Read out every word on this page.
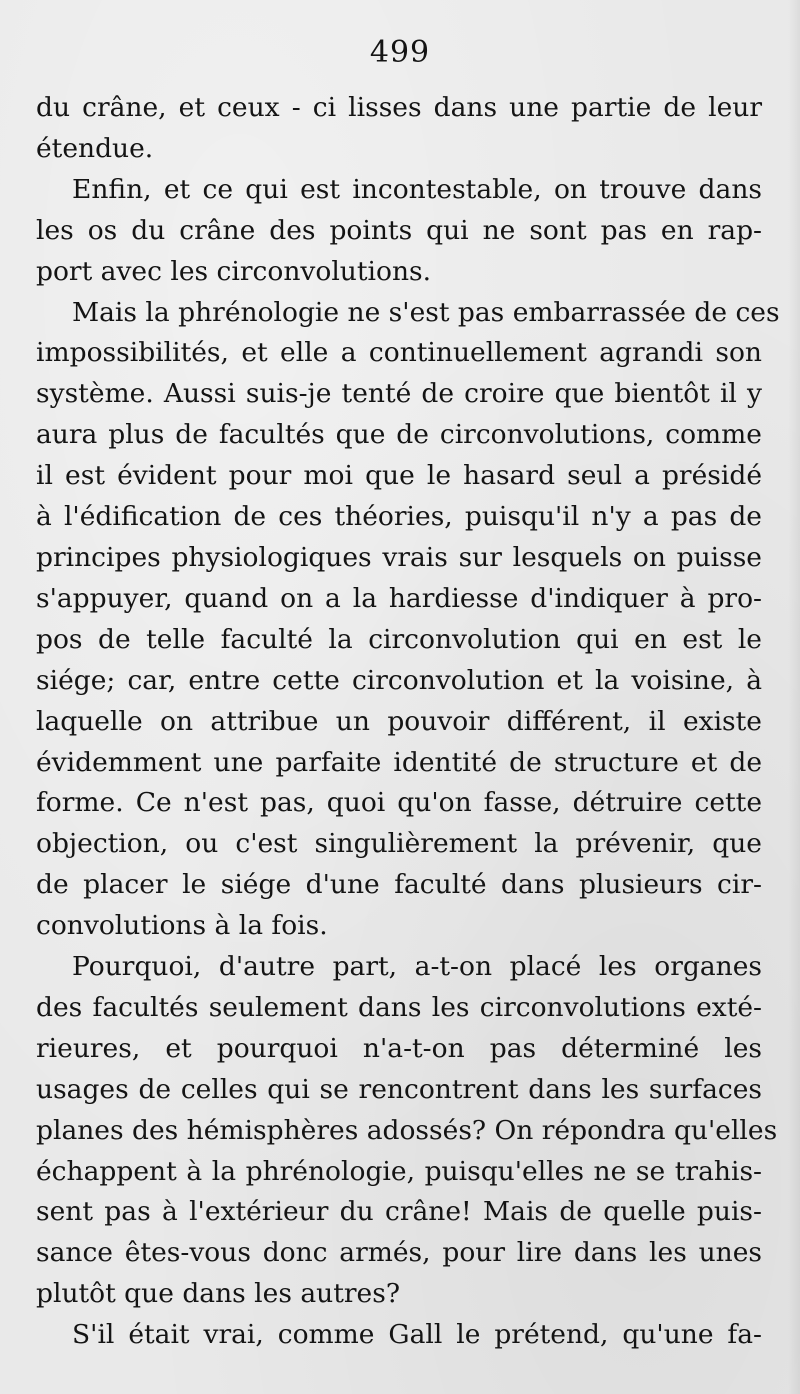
499

du crâne, et ceux - ci lisses dans une partie de leur
étendue.

Enfin, et ce qui est incontestable, on trouve dans
les os du crâne des points qui ne sont pas en rap-
port avec les circonvolutions.

Mais la phrénologie ne s'est pas embarrassée de ces
impossibilités, et elle a continuellement agrandi son
système. Aussi suis-je tenté de croire que bientôt il y
aura plus de facultés que de circonvolutions, comme
il est évident pour moi que le hasard seul a présidé
à l'édification de ces théories, puisqu'il n'y a pas de
principes physiologiques vrais sur lesquels on puisse
s'appuyer, quand on a la hardiesse d'indiquer à pro-
pos de telle faculté la circonvolution qui en est le
siége; car, entre cette circonvolution et la voisine, à
laquelle on attribue un pouvoir différent, il existe
évidemment une parfaite identité de structure et de
forme. Ce n'est pas, quoi qu'on fasse, détruire cette
objection, ou c'est singulièrement la prévenir, que
de placer le siége d'une faculté dans plusieurs cir-
convolutions à la fois.

Pourquoi, d'autre part, a-t-on placé les organes
des facultés seulement dans les circonvolutions exté-
rieures, et pourquoi n'a-t-on pas déterminé les
usages de celles qui se rencontrent dans les surfaces
planes des hémisphères adossés? On répondra qu'elles
échappent à la phrénologie, puisqu'elles ne se trahis-
sent pas à l'extérieur du crâne! Mais de quelle puis-
sance êtes-vous donc armés, pour lire dans les unes
plutôt que dans les autres?

S'il était vrai, comme Gall le prétend, qu'une fa-
